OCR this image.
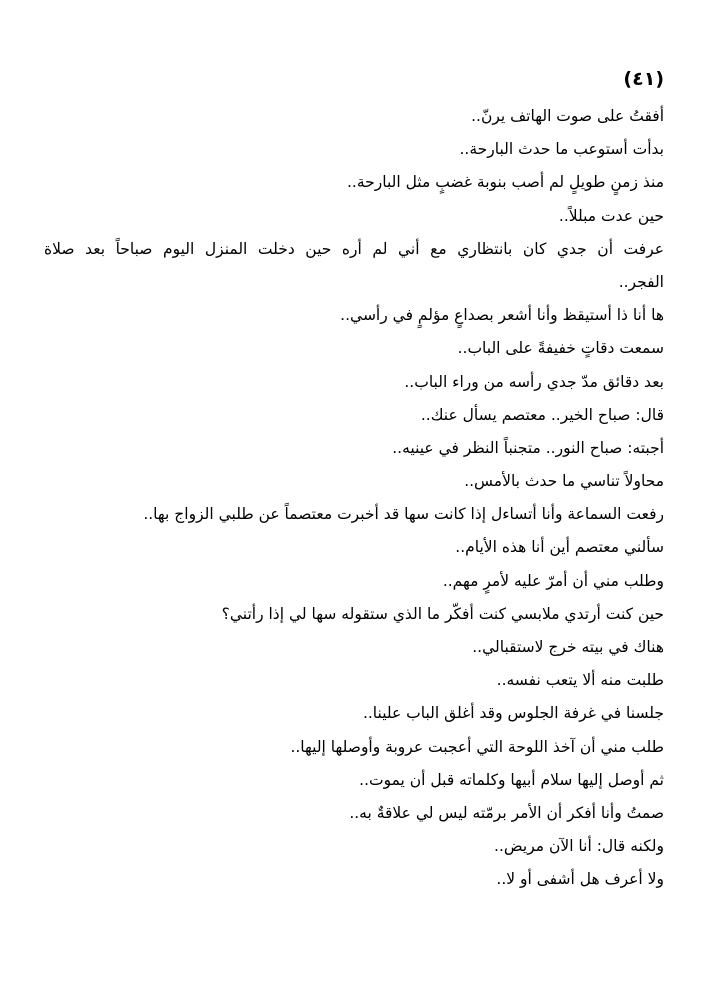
(٤١)
أفقتُ على صوت الهاتف يرنّ..
بدأت أستوعب ما حدث البارحة..
منذ زمنٍ طويلٍ لم أصب بنوبة غضبٍ مثل البارحة..
حين عدت مبللاً..
عرفت أن جدي كان بانتظاري مع أني لم أره حين دخلت المنزل اليوم صباحاً بعد صلاة
الفجر..
ها أنا ذا أستيقظ وأنا أشعر بصداعٍ مؤلمٍ في رأسي..
سمعت دقاتٍ خفيفةً على الباب..
بعد دقائق مدّ جدي رأسه من وراء الباب..
قال: صباح الخير.. معتصم يسأل عنك..
أجبته: صباح النور.. متجنباً النظر في عينيه..
محاولاً تناسي ما حدث بالأمس..
رفعت السماعة وأنا أتساءل إذا كانت سها قد أخبرت معتصماً عن طلبي الزواج بها..
سألني معتصم أين أنا هذه الأيام..
وطلب مني أن أمرّ عليه لأمرٍ مهم..
حين كنت أرتدي ملابسي كنت أفكّر ما الذي ستقوله سها لي إذا رأتني؟
هناك في بيته خرج لاستقبالي..
طلبت منه ألا يتعب نفسه..
جلسنا في غرفة الجلوس وقد أغلق الباب علينا..
طلب مني أن آخذ اللوحة التي أعجبت عروبة وأوصلها إليها..
ثم أوصل إليها سلام أبيها وكلماته قبل أن يموت..
صمتُ وأنا أفكر أن الأمر برمّته ليس لي علاقةٌ به..
ولكنه قال: أنا الآن مريض..
ولا أعرف هل أشفى أو لا..
